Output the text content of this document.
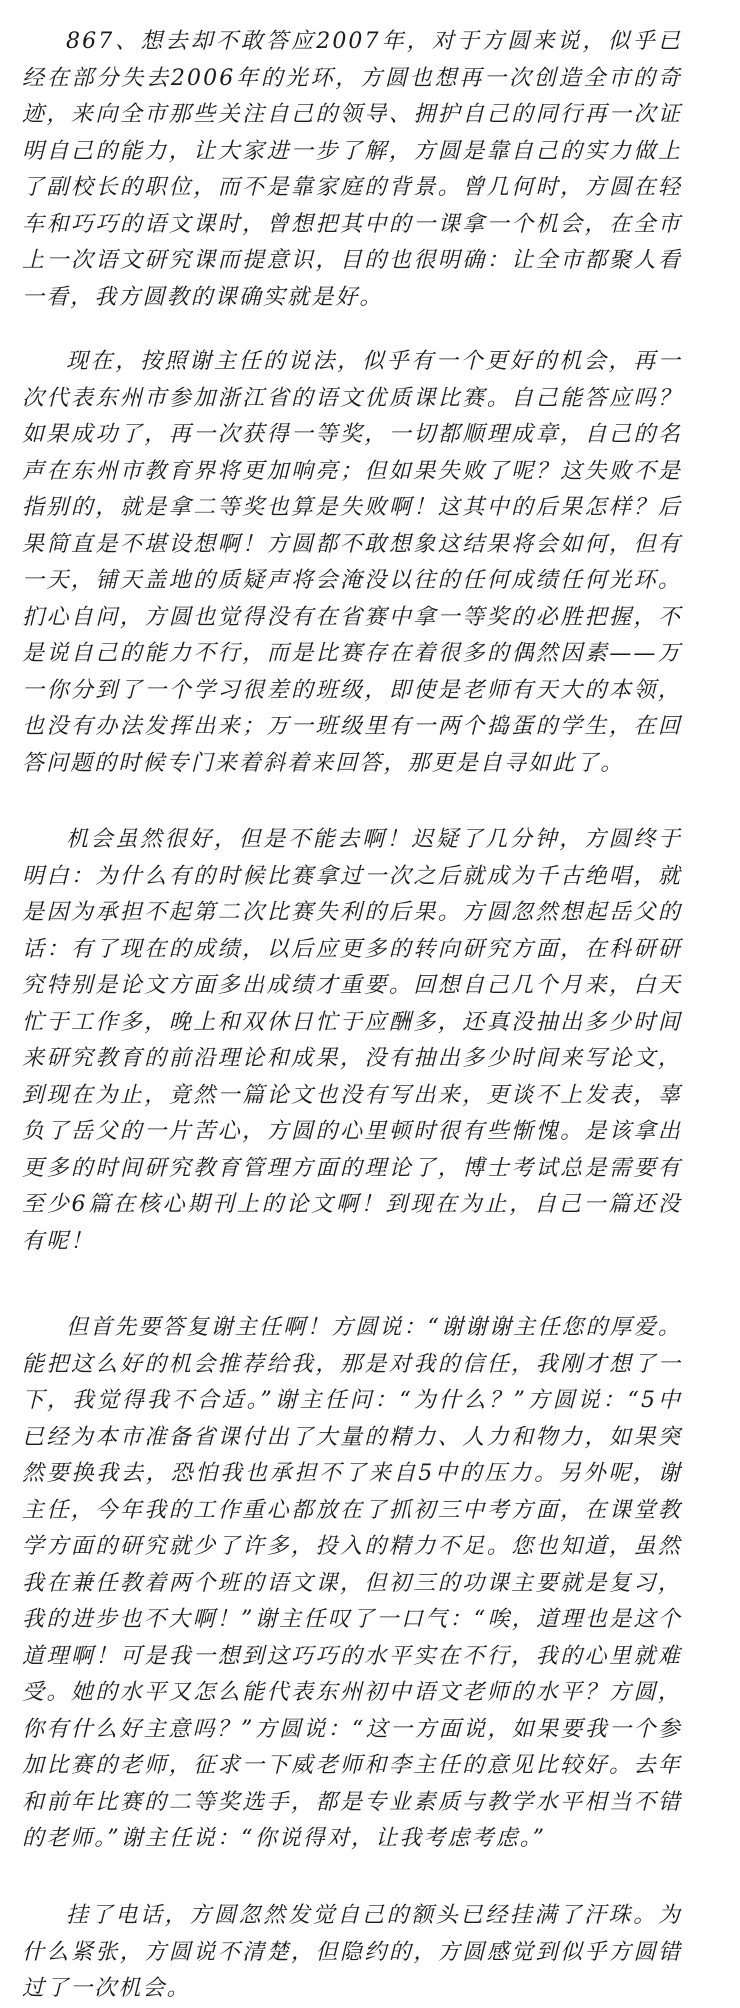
867、想去却不敢答应2007年，对于方圆来说，似乎已经在部分失去2006年的光环，方圆也想再一次创造全市的奇迹，来向全市那些关注自己的领导、拥护自己的同行再一次证明自己的能力，让大家进一步了解，方圆是靠自己的实力做上了副校长的职位，而不是靠家庭的背景。曾几何时，方圆在轻车和巧巧的语文课时，曾想把其中的一课拿一个机会，在全市上一次语文研究课而提意识，目的也很明确：让全市都聚人看一看，我方圆教的课确实就是好。

现在，按照谢主任的说法，似乎有一个更好的机会，再一次代表东州市参加浙江省的语文优质课比赛。自己能答应吗？如果成功了，再一次获得一等奖，一切都顺理成章，自己的名声在东州市教育界将更加响亮；但如果失败了呢？这失败不是指别的，就是拿二等奖也算是失败啊！这其中的后果怎样？后果简直是不堪设想啊！方圆都不敢想象这结果将会如何，但有一天，铺天盖地的质疑声将会淹没以往的任何成绩任何光环。扪心自问，方圆也觉得没有在省赛中拿一等奖的必胜把握，不是说自己的能力不行，而是比赛存在着很多的偶然因素——万一你分到了一个学习很差的班级，即使是老师有天大的本领，也没有办法发挥出来；万一班级里有一两个捣蛋的学生，在回答问题的时候专门来着斜着来回答，那更是自寻如此了。

机会虽然很好，但是不能去啊！迟疑了几分钟，方圆终于明白：为什么有的时候比赛拿过一次之后就成为千古绝唱，就是因为承担不起第二次比赛失利的后果。方圆忽然想起岳父的话：有了现在的成绩，以后应更多的转向研究方面，在科研研究特别是论文方面多出成绩才重要。回想自己几个月来，白天忙于工作多，晚上和双休日忙于应酬多，还真没抽出多少时间来研究教育的前沿理论和成果，没有抽出多少时间来写论文，到现在为止，竟然一篇论文也没有写出来，更谈不上发表，辜负了岳父的一片苦心，方圆的心里顿时很有些惭愧。是该拿出更多的时间研究教育管理方面的理论了，博士考试总是需要有至少6篇在核心期刊上的论文啊！到现在为止，自己一篇还没有呢！

但首先要答复谢主任啊！方圆说：“谢谢谢主任您的厚爱。能把这么好的机会推荐给我，那是对我的信任，我刚才想了一下，我觉得我不合适。”谢主任问：“为什么？”方圆说：“5中已经为本市准备省课付出了大量的精力、人力和物力，如果突然要换我去，恐怕我也承担不了来自5中的压力。另外呢，谢主任，今年我的工作重心都放在了抓初三中考方面，在课堂教学方面的研究就少了许多，投入的精力不足。您也知道，虽然我在兼任教着两个班的语文课，但初三的功课主要就是复习，我的进步也不大啊！”谢主任叹了一口气：“唉，道理也是这个道理啊！可是我一想到这巧巧的水平实在不行，我的心里就难受。她的水平又怎么能代表东州初中语文老师的水平？方圆，你有什么好主意吗？”方圆说：“这一方面说，如果要我一个参加比赛的老师，征求一下威老师和李主任的意见比较好。去年和前年比赛的二等奖选手，都是专业素质与教学水平相当不错的老师。”谢主任说：“你说得对，让我考虑考虑。”

挂了电话，方圆忽然发觉自己的额头已经挂满了汗珠。为什么紧张，方圆说不清楚，但隐约的，方圆感觉到似乎方圆错过了一次机会。
